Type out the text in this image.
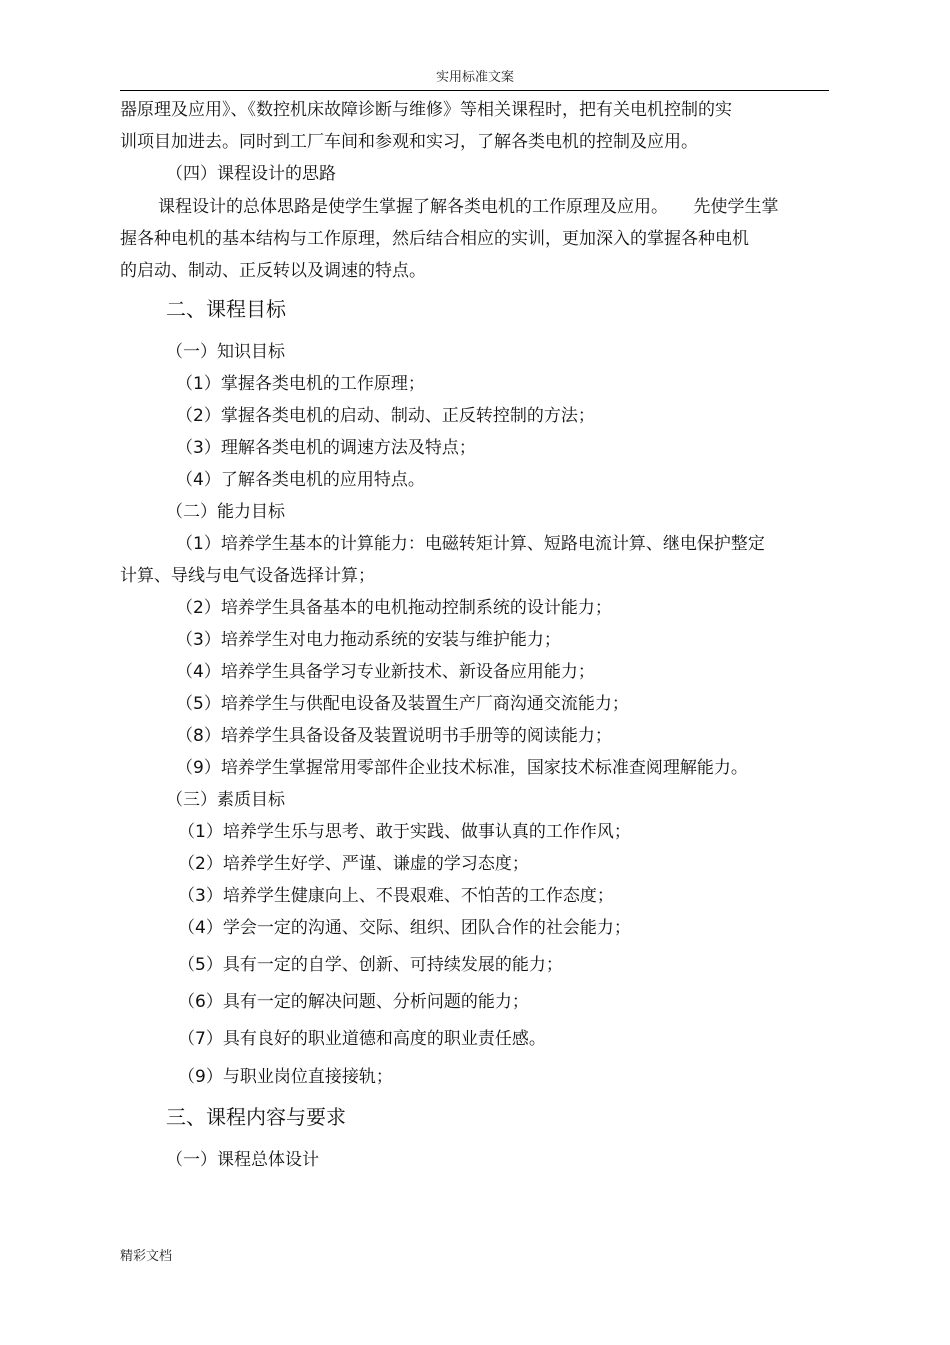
实用标准文案
器原理及应用》、《数控机床故障诊断与维修》等相关课程时，把有关电机控制的实
训项目加进去。同时到工厂车间和参观和实习，了解各类电机的控制及应用。
（四）课程设计的思路
课程设计的总体思路是使学生掌握了解各类电机的工作原理及应用。　　先使学生掌
握各种电机的基本结构与工作原理，然后结合相应的实训，更加深入的掌握各种电机
的启动、制动、正反转以及调速的特点。
二、课程目标
（一）知识目标
（1）掌握各类电机的工作原理；
（2）掌握各类电机的启动、制动、正反转控制的方法；
（3）理解各类电机的调速方法及特点；
（4）了解各类电机的应用特点。
（二）能力目标
（1）培养学生基本的计算能力：电磁转矩计算、短路电流计算、继电保护整定
计算、导线与电气设备选择计算；
（2）培养学生具备基本的电机拖动控制系统的设计能力；
（3）培养学生对电力拖动系统的安装与维护能力；
（4）培养学生具备学习专业新技术、新设备应用能力；
（5）培养学生与供配电设备及装置生产厂商沟通交流能力；
（8）培养学生具备设备及装置说明书手册等的阅读能力；
（9）培养学生掌握常用零部件企业技术标准，国家技术标准查阅理解能力。
（三）素质目标
（1）培养学生乐与思考、敢于实践、做事认真的工作作风；
（2）培养学生好学、严谨、谦虚的学习态度；
（3）培养学生健康向上、不畏艰难、不怕苦的工作态度；
（4）学会一定的沟通、交际、组织、团队合作的社会能力；
（5）具有一定的自学、创新、可持续发展的能力；
（6）具有一定的解决问题、分析问题的能力；
（7）具有良好的职业道德和高度的职业责任感。
（9）与职业岗位直接接轨；
三、课程内容与要求
（一）课程总体设计
精彩文档
